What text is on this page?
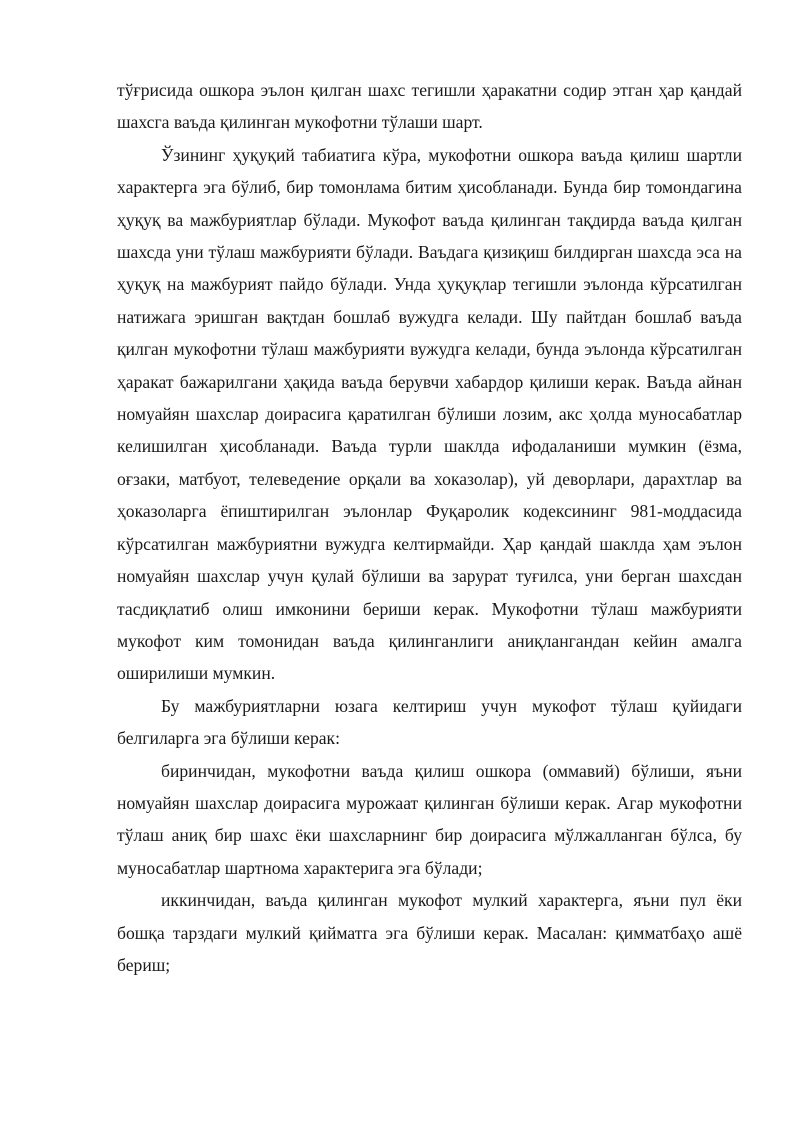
тўғрисида ошкора эълон қилган шахс тегишли ҳаракатни содир этган ҳар қандай шахсга ваъда қилинган мукофотни тўлаши шарт.

Ўзининг ҳуқуқий табиатига кўра, мукофотни ошкора ваъда қилиш шартли характерга эга бўлиб, бир томонлама битим ҳисобланади. Бунда бир томондагина ҳуқуқ ва мажбуриятлар бўлади. Мукофот ваъда қилинган тақдирда ваъда қилган шахсда уни тўлаш мажбурияти бўлади. Ваъдага қизиқиш билдирган шахсда эса на ҳуқуқ на мажбурият пайдо бўлади. Унда ҳуқуқлар тегишли эълонда кўрсатилган натижага эришган вақтдан бошлаб вужудга келади. Шу пайтдан бошлаб ваъда қилган мукофотни тўлаш мажбурияти вужудга келади, бунда эълонда кўрсатилган ҳаракат бажарилгани ҳақида ваъда берувчи хабардор қилиши керак. Ваъда айнан номуайян шахслар доирасига қаратилган бўлиши лозим, акс ҳолда муносабатлар келишилган ҳисобланади. Ваъда турли шаклда ифодаланиши мумкин (ёзма, оғзаки, матбуот, телеведение орқали ва хоказолар), уй деворлари, дарахтлар ва ҳоказоларга ёпиштирилган эълонлар Фуқаролик кодексининг 981-моддасида кўрсатилган мажбуриятни вужудга келтирмайди. Ҳар қандай шаклда ҳам эълон номуайян шахслар учун қулай бўлиши ва зарурат туғилса, уни берган шахсдан тасдиқлатиб олиш имконини бериши керак. Мукофотни тўлаш мажбурияти мукофот ким томонидан ваъда қилинганлиги аниқлангандан кейин амалга оширилиши мумкин.

Бу мажбуриятларни юзага келтириш учун мукофот тўлаш қуйидаги белгиларга эга бўлиши керак:

биринчидан, мукофотни ваъда қилиш ошкора (оммавий) бўлиши, яъни номуайян шахслар доирасига мурожаат қилинган бўлиши керак. Агар мукофотни тўлаш аниқ бир шахс ёки шахсларнинг бир доирасига мўлжалланган бўлса, бу муносабатлар шартнома характерига эга бўлади;

иккинчидан, ваъда қилинган мукофот мулкий характерга, яъни пул ёки бошқа тарздаги мулкий қийматга эга бўлиши керак. Масалан: қимматбаҳо ашё бериш;
